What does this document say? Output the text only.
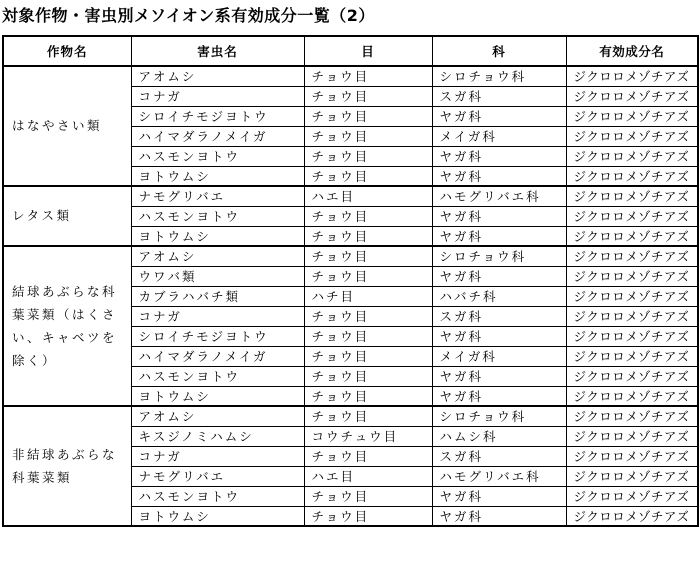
対象作物・害虫別メソイオン系有効成分一覧（2）
作物名	害虫名	目	科	有効成分名
はなやさい類	アオムシ	チョウ目	シロチョウ科	ジクロロメゾチアズ
	コナガ	チョウ目	スガ科	ジクロロメゾチアズ
	シロイチモジヨトウ	チョウ目	ヤガ科	ジクロロメゾチアズ
	ハイマダラノメイガ	チョウ目	メイガ科	ジクロロメゾチアズ
	ハスモンヨトウ	チョウ目	ヤガ科	ジクロロメゾチアズ
	ヨトウムシ	チョウ目	ヤガ科	ジクロロメゾチアズ
レタス類	ナモグリバエ	ハエ目	ハモグリバエ科	ジクロロメゾチアズ
	ハスモンヨトウ	チョウ目	ヤガ科	ジクロロメゾチアズ
	ヨトウムシ	チョウ目	ヤガ科	ジクロロメゾチアズ
結球あぶらな科葉菜類（はくさい、キャベツを除く）	アオムシ	チョウ目	シロチョウ科	ジクロロメゾチアズ
	ウワバ類	チョウ目	ヤガ科	ジクロロメゾチアズ
	カブラハバチ類	ハチ目	ハバチ科	ジクロロメゾチアズ
	コナガ	チョウ目	スガ科	ジクロロメゾチアズ
	シロイチモジヨトウ	チョウ目	ヤガ科	ジクロロメゾチアズ
	ハイマダラノメイガ	チョウ目	メイガ科	ジクロロメゾチアズ
	ハスモンヨトウ	チョウ目	ヤガ科	ジクロロメゾチアズ
	ヨトウムシ	チョウ目	ヤガ科	ジクロロメゾチアズ
非結球あぶらな科葉菜類	アオムシ	チョウ目	シロチョウ科	ジクロロメゾチアズ
	キスジノミハムシ	コウチュウ目	ハムシ科	ジクロロメゾチアズ
	コナガ	チョウ目	スガ科	ジクロロメゾチアズ
	ナモグリバエ	ハエ目	ハモグリバエ科	ジクロロメゾチアズ
	ハスモンヨトウ	チョウ目	ヤガ科	ジクロロメゾチアズ
	ヨトウムシ	チョウ目	ヤガ科	ジクロロメゾチアズ
